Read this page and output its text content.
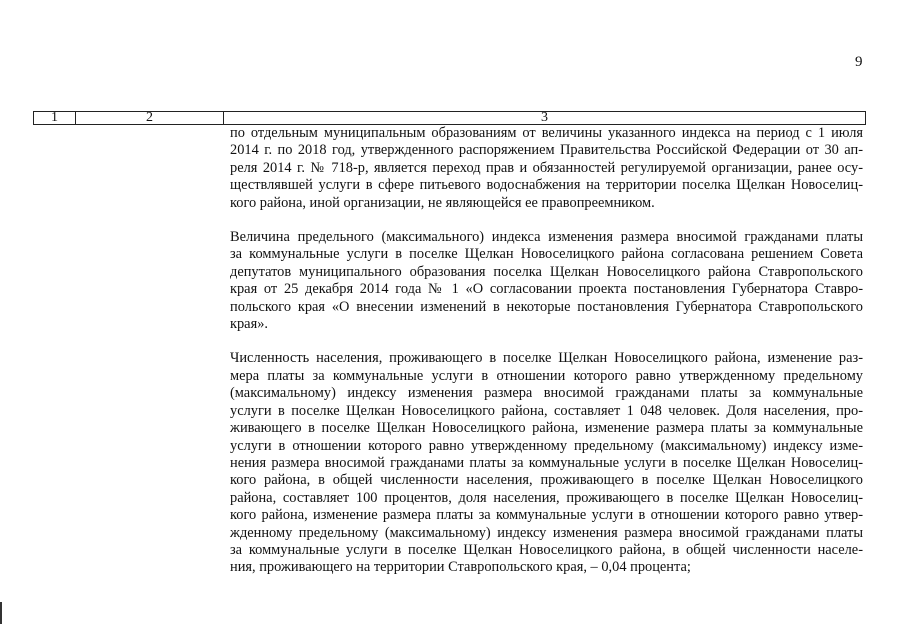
9
1	2	3

по отдельным муниципальным образованиям от величины указанного индекса на период с 1 июля
2014 г. по 2018 год, утвержденного распоряжением Правительства Российской Федерации от 30 ап-
реля 2014 г. № 718-р, является переход прав и обязанностей регулируемой организации, ранее осу-
ществлявшей услуги в сфере питьевого водоснабжения на территории поселка Щелкан Новоселиц-
кого района, иной организации, не являющейся ее правопреемником.

Величина предельного (максимального) индекса изменения размера вносимой гражданами платы
за коммунальные услуги в поселке Щелкан Новоселицкого района согласована решением Совета
депутатов муниципального образования поселка Щелкан Новоселицкого района Ставропольского
края от 25 декабря 2014 года № 1 «О согласовании проекта постановления Губернатора Ставро-
польского края «О внесении изменений в некоторые постановления Губернатора Ставропольского
края».

Численность населения, проживающего в поселке Щелкан Новоселицкого района, изменение раз-
мера платы за коммунальные услуги в отношении которого равно утвержденному предельному
(максимальному) индексу изменения размера вносимой гражданами платы за коммунальные
услуги в поселке Щелкан Новоселицкого района, составляет 1 048 человек. Доля населения, про-
живающего в поселке Щелкан Новоселицкого района, изменение размера платы за коммунальные
услуги в отношении которого равно утвержденному предельному (максимальному) индексу изме-
нения размера вносимой гражданами платы за коммунальные услуги в поселке Щелкан Новоселиц-
кого района, в общей численности населения, проживающего в поселке Щелкан Новоселицкого
района, составляет 100 процентов, доля населения, проживающего в поселке Щелкан Новоселиц-
кого района, изменение размера платы за коммунальные услуги в отношении которого равно утвер-
жденному предельному (максимальному) индексу изменения размера вносимой гражданами платы
за коммунальные услуги в поселке Щелкан Новоселицкого района, в общей численности населе-
ния, проживающего на территории Ставропольского края, – 0,04 процента;
